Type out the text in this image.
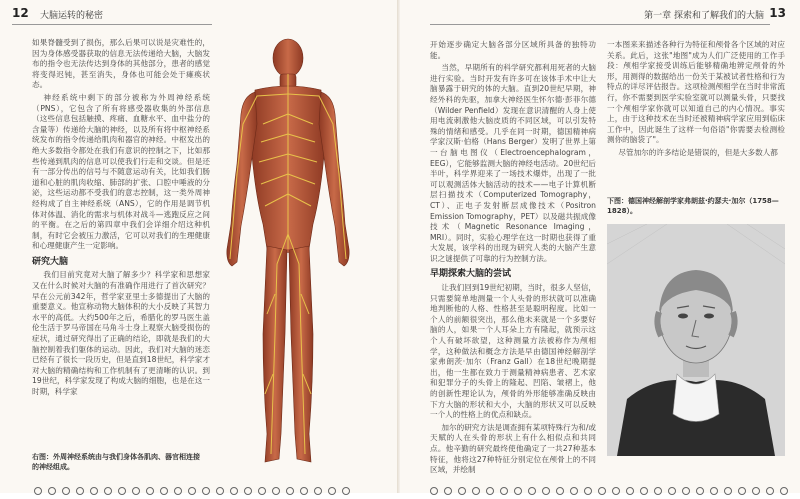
12 大脑运转的秘密

如果脊髓受到了损伤，那么后果可以说是灾难性的，因为身体感受器获取的信息无法传递给大脑，大脑发布的指令也无法传达到身体的其他部分，患者的感觉将变得迟钝，甚至消失，身体也可能会处于瘫痪状态。

神经系统中剩下的部分被称为外周神经系统（PNS），它包含了所有将感受器收集的外部信息（这些信息包括触摸、疼痛、血糖水平、血中盐分的含量等）传递给大脑的神经，以及所有将中枢神经系统发布的指令传递给肌肉和器官的神经。中枢发出的绝大多数指令都处在我们有意识的控制之下，比如那些传递到肌肉的信息可以使我们行走和交谈。但是还有一部分传出的信号与不随意运动有关，比如我们肠道和心脏的肌肉收缩、肺部的扩张、口腔中唾液的分泌，这些运动都不受我们的意志控制，这一类外周神经构成了自主神经系统（ANS），它的作用是调节机体对体温、消化的需求与机体对战斗—逃跑反应之间的平衡。在之后的第四章中我们会详细介绍这种机制，有时它会被压力激活，它可以对我们的生理健康和心理健康产生一定影响。

研究大脑

我们目前究竟对大脑了解多少？科学家和思想家又在什么时候对大脑的有准确作用进行了首次研究？早在公元前342年，哲学家亚里士多德提出了大脑的重要意义。他宣称动物大脑体积的大小反映了其智力水平的高低。大约500年之后，希腊化的罗马医生盖伦生活于罗马帝国在马角斗士身上观察大脑受损伤的症状，通过研究得出了正确的结论，即就是我们的大脑控制着我们躯体的运动。因此，我们对大脑的迷恋已经有了很长一段历史，但是直到18世纪，科学家才对大脑的精确结构和工作机制有了更清晰的认识。到19世纪，科学家发现了构成大脑的细胞，也是在这一时期，科学家

右图：外周神经系统由与我们身体各肌肉、器官相连接的神经组成。
第一章 探索和了解我们的大脑 13

开始逐步确定大脑各部分区域所具备的独特功能。

当然，早期所有的科学研究都利用死者的大脑进行实验。当时开发有许多可在该体手术中让大脑暴露于研究的体的大脑。直到20世纪早期，神经外科的先驱，加拿大神经医生怀尔德·彭菲尔德（Wilder Penfield）发现在意识清醒的人身上使用电流刺激他大脑皮质的不同区域，可以引发特殊的情绪和感受。几乎在同一时期，德国精神病学家汉斯·伯格（Hans Berger）发明了世界上第一台脑电图仪（Electroencephalogram，EEG），它能够监测大脑的神经电活动。20世纪后半叶，科学界迎来了一场技术爆炸，出现了一批可以观测活体大脑活动的技术——电子计算机断层扫描技术（Computerized Tomography，CT）、正电子发射断层成像技术（Positron Emission Tomography，PET）以及磁共振成像技术（Magnetic Resonance Imaging，MRI）。同时，实验心理学在这一时期也获得了重大发展，该学科的出现为研究人类的大脑产生意识之谜提供了可靠的行为控制方法。

早期探索大脑的尝试

让我们回到19世纪初期，当时，很多人坚信，只需要简单地测量一个人头骨的形状就可以准确地判断他的人格、性格甚至是聪明程度。比如一个人的前额很突出，那么他未来就是一个多要好脑的人，如果一个人耳朵上方有隆起，就预示这个人有破坏欲望，这种测量方法被称作为颅相学，这种做法和概念方法是早由德国神经解剖学家弗朗茨·加尔（Franz Gall）在18世纪晚期提出，他一生都在致力于测量精神病患者、艺术家和犯罪分子的头骨上的隆起、凹陷、皱褶上，他的创新性理论认为，颅骨的外形能够准确反映由下方大脑的形状和大小，大脑的形状又可以反映一个人的性格上的优点和缺点。

加尔的研究方法是调查拥有某项特殊行为和/或天赋的人在头骨的形状上有什么相似点和共同点。他辛勤的研究最终使他确定了一共27种基本特征，他将这27种特征分别定位在颅骨上的不同区域，并绘制

一本图来来描述各种行为特征和颅骨各个区域的对应关系。此后，这张"地图"成为人们广泛使用的工作手段：颅相学家接受训练后能够精确地辨定颅骨的外形，用测得的数据给出一份关于某被试者性格和行为特点的详尽评估报告。这项检测颅相学在当时非常流行，你不需要到医学实验室就可以测量头骨，只要找一个颅相学家你就可以知道自己的内心情况。事实上，由于这种技术在当时还被精神病学家应用到临床工作中，因此诞生了这样一句俗语"你需要去检测检测你的脑袋了"。

尽管加尔的许多结论是错误的，但是大多数人都

下图：德国神经解剖学家弗朗兹·约瑟夫·加尔（1758—1828）。
